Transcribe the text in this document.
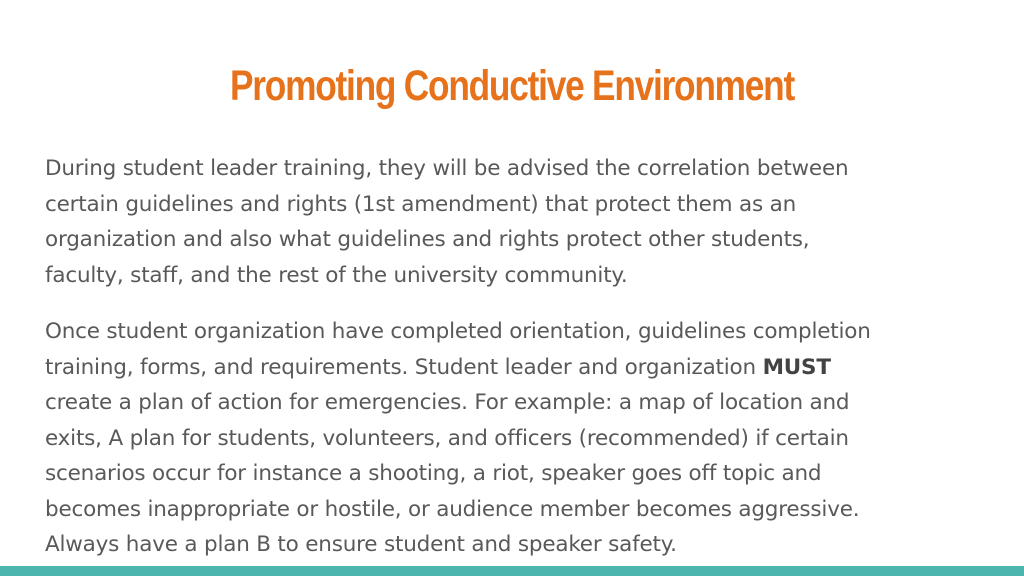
Promoting Conductive Environment

During student leader training, they will be advised the correlation between
certain guidelines and rights (1st amendment) that protect them as an
organization and also what guidelines and rights protect other students,
faculty, staff, and the rest of the university community.

Once student organization have completed orientation, guidelines completion
training, forms, and requirements. Student leader and organization MUST
create a plan of action for emergencies. For example: a map of location and
exits, A plan for students, volunteers, and officers (recommended) if certain
scenarios occur for instance a shooting, a riot, speaker goes off topic and
becomes inappropriate or hostile, or audience member becomes aggressive.
Always have a plan B to ensure student and speaker safety.
